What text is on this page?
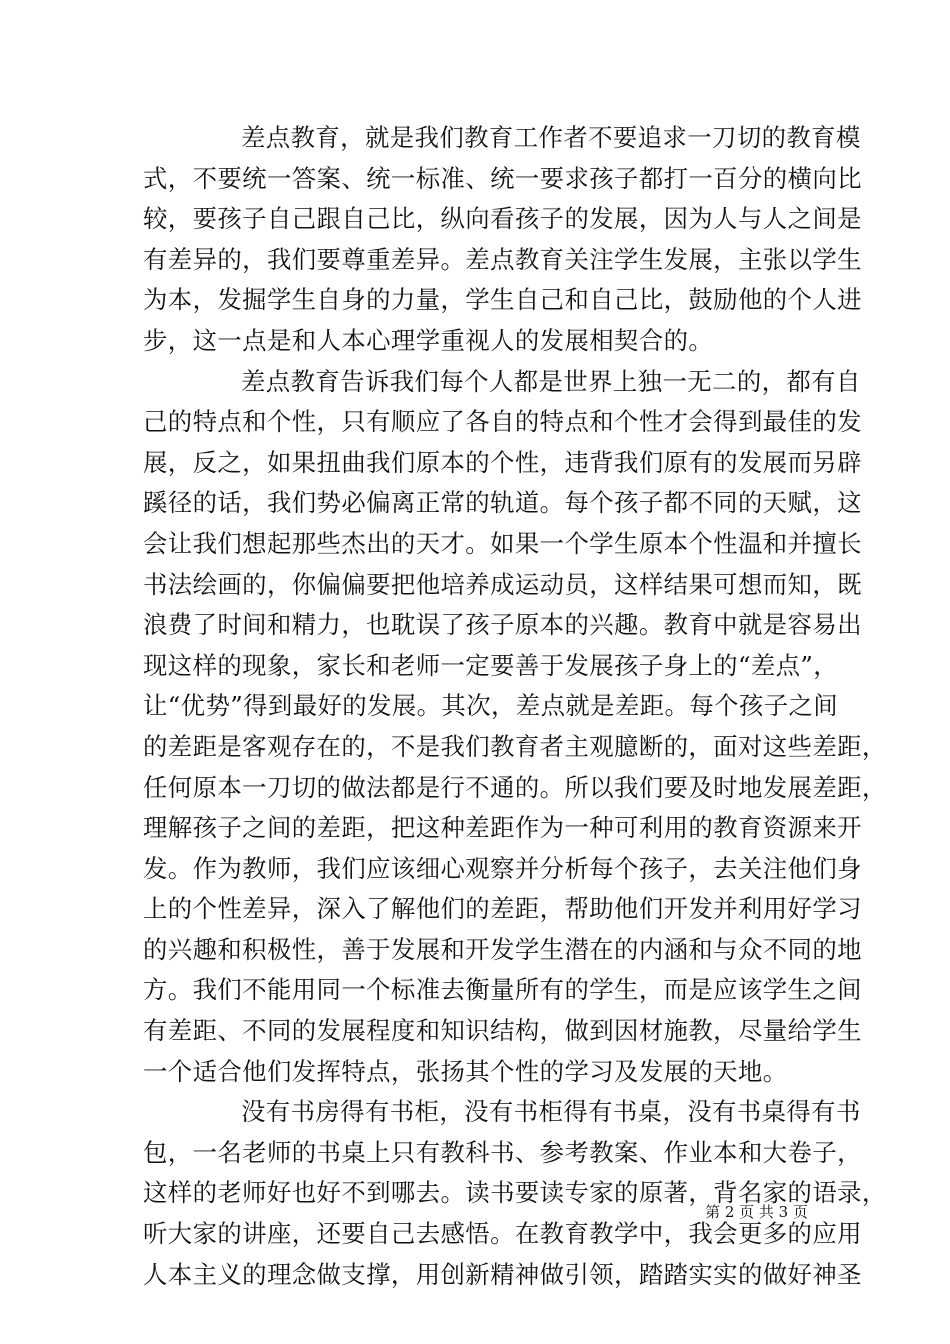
差点教育，就是我们教育工作者不要追求一刀切的教育模
式，不要统一答案、统一标准、统一要求孩子都打一百分的横向比
较，要孩子自己跟自己比，纵向看孩子的发展，因为人与人之间是
有差异的，我们要尊重差异。差点教育关注学生发展，主张以学生
为本，发掘学生自身的力量，学生自己和自己比，鼓励他的个人进
步，这一点是和人本心理学重视人的发展相契合的。

差点教育告诉我们每个人都是世界上独一无二的，都有自
己的特点和个性，只有顺应了各自的特点和个性才会得到最佳的发
展，反之，如果扭曲我们原本的个性，违背我们原有的发展而另辟
蹊径的话，我们势必偏离正常的轨道。每个孩子都不同的天赋，这
会让我们想起那些杰出的天才。如果一个学生原本个性温和并擅长
书法绘画的，你偏偏要把他培养成运动员，这样结果可想而知，既
浪费了时间和精力，也耽误了孩子原本的兴趣。教育中就是容易出
现这样的现象，家长和老师一定要善于发展孩子身上的“差点”，
让“优势”得到最好的发展。其次，差点就是差距。每个孩子之间
的差距是客观存在的，不是我们教育者主观臆断的，面对这些差距，
任何原本一刀切的做法都是行不通的。所以我们要及时地发展差距，
理解孩子之间的差距，把这种差距作为一种可利用的教育资源来开
发。作为教师，我们应该细心观察并分析每个孩子，去关注他们身
上的个性差异，深入了解他们的差距，帮助他们开发并利用好学习
的兴趣和积极性，善于发展和开发学生潜在的内涵和与众不同的地
方。我们不能用同一个标准去衡量所有的学生，而是应该学生之间
有差距、不同的发展程度和知识结构，做到因材施教，尽量给学生
一个适合他们发挥特点，张扬其个性的学习及发展的天地。

没有书房得有书柜，没有书柜得有书桌，没有书桌得有书
包，一名老师的书桌上只有教科书、参考教案、作业本和大卷子，
这样的老师好也好不到哪去。读书要读专家的原著，背名家的语录，
听大家的讲座，还要自己去感悟。在教育教学中，我会更多的应用
人本主义的理念做支撑，用创新精神做引领，踏踏实实的做好神圣

第 2 页 共 3 页
